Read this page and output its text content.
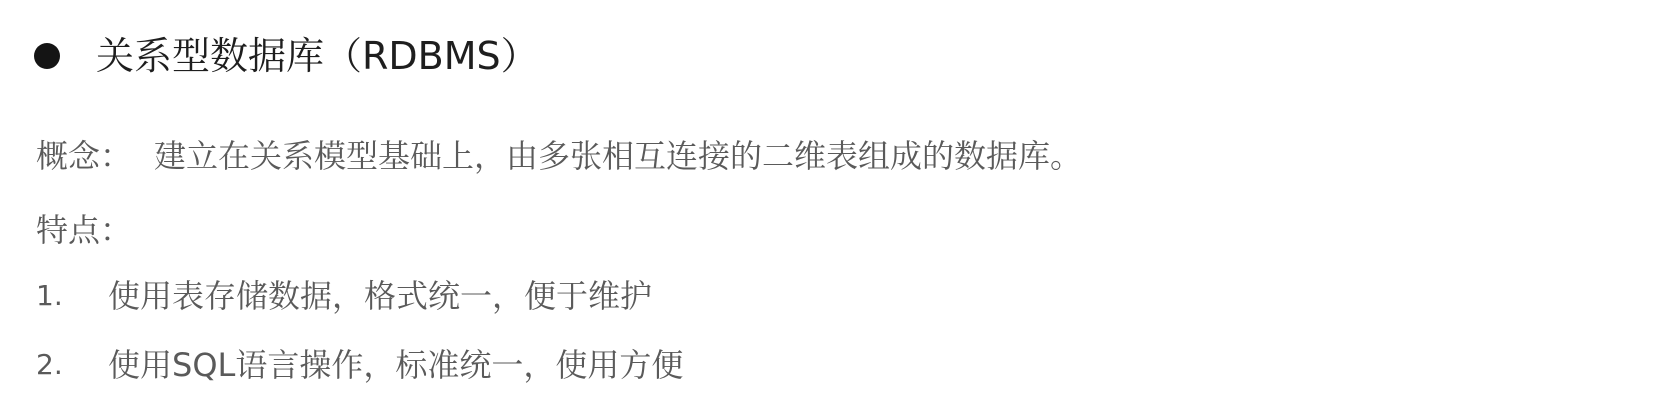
关系型数据库（RDBMS）
概念： 建立在关系模型基础上，由多张相互连接的二维表组成的数据库。
特点：
1.	使用表存储数据，格式统一，便于维护
2.	使用SQL语言操作，标准统一，使用方便
